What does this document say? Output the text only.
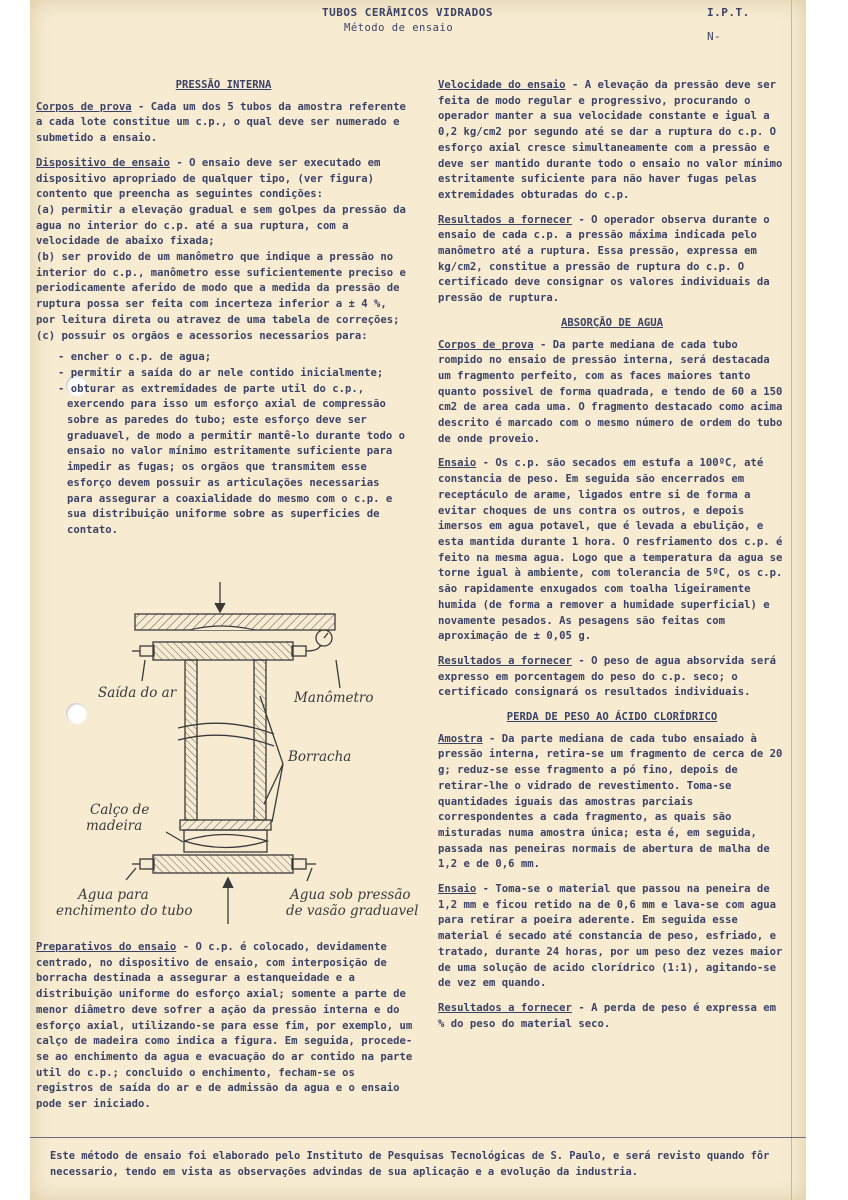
TUBOS CERÂMICOS VIDRADOS
Método de ensaio
I.P.T.
N-

PRESSÃO INTERNA

Corpos de prova - Cada um dos 5 tubos da amostra referente a cada lote constitue um c.p., o qual deve ser numerado e submetido a ensaio.

Dispositivo de ensaio - O ensaio deve ser executado em dispositivo apropriado de qualquer tipo, (ver figura) contento que preencha as seguintes condições:

(a) permitir a elevação gradual e sem golpes da pressão da agua no interior do c.p. até a sua ruptura, com a velocidade de abaixo fixada;

(b) ser provido de um manômetro que indique a pressão no interior do c.p., manômetro esse suficientemente preciso e periodicamente aferido de modo que a medida da pressão de ruptura possa ser feita com incerteza inferior a ± 4 %, por leitura direta ou atravez de uma tabela de correções;

(c) possuir os orgãos e acessorios necessarios para:

- encher o c.p. de agua;

- permitir a saída do ar nele contido inicialmente;

- obturar as extremidades de parte util do c.p., exercendo para isso um esforço axial de compressão sobre as paredes do tubo; este esforço deve ser graduavel, de modo a permitir mantê-lo durante todo o ensaio no valor mínimo estritamente suficiente para impedir as fugas; os orgãos que transmitem esse esforço devem possuir as articulações necessarias para assegurar a coaxialidade do mesmo com o c.p. e sua distribuição uniforme sobre as superficies de contato.

Saída do ar	Manômetro
Borracha
Calço de
madeira
Agua para
enchimento do tubo
Agua sob pressão
de vasão graduavel

Preparativos do ensaio - O c.p. é colocado, devidamente centrado, no dispositivo de ensaio, com interposição de borracha destinada a assegurar a estanqueidade e a distribuição uniforme do esforço axial; somente a parte de menor diâmetro deve sofrer a ação da pressão interna e do esforço axial, utilizando-se para esse fim, por exemplo, um calço de madeira como indica a figura. Em seguida, procede-se ao enchimento da agua e evacuação do ar contido na parte util do c.p.; concluido o enchimento, fecham-se os registros de saída do ar e de admissão da agua e o ensaio pode ser iniciado.

Velocidade do ensaio - A elevação da pressão deve ser feita de modo regular e progressivo, procurando o operador manter a sua velocidade constante e igual a 0,2 kg/cm2 por segundo até se dar a ruptura do c.p. O esforço axial cresce simultaneamente com a pressão e deve ser mantido durante todo o ensaio no valor mínimo estritamente suficiente para não haver fugas pelas extremidades obturadas do c.p.

Resultados a fornecer - O operador observa durante o ensaio de cada c.p. a pressão máxima indicada pelo manômetro até a ruptura. Essa pressão, expressa em kg/cm2, constitue a pressão de ruptura do c.p. O certificado deve consignar os valores individuais da pressão de ruptura.

ABSORÇÃO DE AGUA

Corpos de prova - Da parte mediana de cada tubo rompido no ensaio de pressão interna, será destacada um fragmento perfeito, com as faces maiores tanto quanto possivel de forma quadrada, e tendo de 60 a 150 cm2 de area cada uma. O fragmento destacado como acima descrito é marcado com o mesmo número de ordem do tubo de onde proveio.

Ensaio - Os c.p. são secados em estufa a 100ºC, até constancia de peso. Em seguida são encerrados em receptáculo de arame, ligados entre si de forma a evitar choques de uns contra os outros, e depois imersos em agua potavel, que é levada a ebulição, e esta mantida durante 1 hora. O resfriamento dos c.p. é feito na mesma agua. Logo que a temperatura da agua se torne igual à ambiente, com tolerancia de 5ºC, os c.p. são rapidamente enxugados com toalha ligeiramente humida (de forma a remover a humidade superficial) e novamente pesados. As pesagens são feitas com aproximação de ± 0,05 g.

Resultados a fornecer - O peso de agua absorvida será expresso em porcentagem do peso do c.p. seco; o certificado consignará os resultados individuais.

PERDA DE PESO AO ÁCIDO CLORÍDRICO

Amostra - Da parte mediana de cada tubo ensaiado à pressão interna, retira-se um fragmento de cerca de 20 g; reduz-se esse fragmento a pó fino, depois de retirar-lhe o vidrado de revestimento. Toma-se quantidades iguais das amostras parciais correspondentes a cada fragmento, as quais são misturadas numa amostra única; esta é, em seguida, passada nas peneiras normais de abertura de malha de 1,2 e de 0,6 mm.

Ensaio - Toma-se o material que passou na peneira de 1,2 mm e ficou retido na de 0,6 mm e lava-se com agua para retirar a poeira aderente. Em seguida esse material é secado até constancia de peso, esfriado, e tratado, durante 24 horas, por um peso dez vezes maior de uma solução de acido clorídrico (1:1), agitando-se de vez em quando.

Resultados a fornecer - A perda de peso é expressa em % do peso do material seco.

Este método de ensaio foi elaborado pelo Instituto de Pesquisas Tecnológicas de S. Paulo, e será revisto quando fôr necessario, tendo em vista as observações advindas de sua aplicação e a evolução da industria.
